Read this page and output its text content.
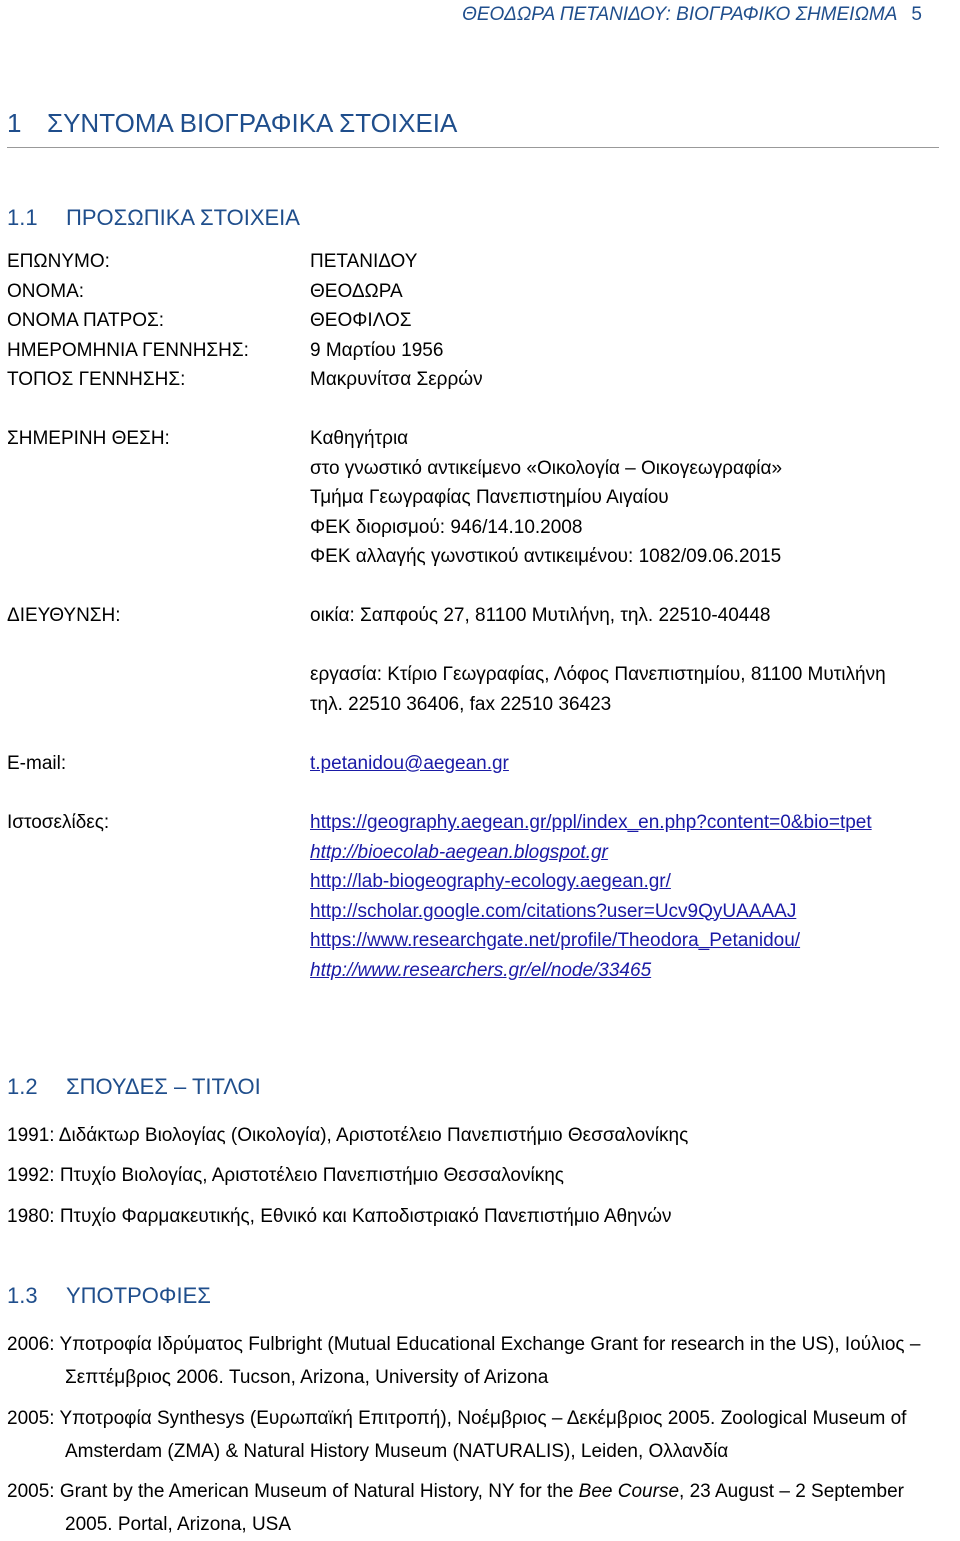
ΘΕΟΔΩΡΑ ΠΕΤΑΝΙΔΟΥ: ΒΙΟΓΡΑΦΙΚΟ ΣΗΜΕΙΩΜΑ 5
1 ΣΥΝΤΟΜΑ ΒΙΟΓΡΑΦΙΚΑ ΣΤΟΙΧΕΙΑ
1.1 ΠΡΟΣΩΠΙΚΑ ΣΤΟΙΧΕΙΑ
ΕΠΩΝΥΜΟ:
ΟΝΟΜΑ:
ΟΝΟΜΑ ΠΑΤΡΟΣ:
ΗΜΕΡΟΜΗΝΙΑ ΓΕΝΝΗΣΗΣ:
ΤΟΠΟΣ ΓΕΝΝΗΣΗΣ:
ΣΗΜΕΡΙΝΗ ΘΕΣΗ:
ΔΙΕΥΘΥΝΣΗ:
E-mail:
Ιστοσελίδες:
ΠΕΤΑΝΙΔΟΥ
ΘΕΟΔΩΡΑ
ΘΕΟΦΙΛΟΣ
9 Μαρτίου 1956
Μακρυνίτσα Σερρών
Καθηγήτρια
στο γνωστικό αντικείμενο «Οικολογία – Οικογεωγραφία»
Τμήμα Γεωγραφίας Πανεπιστημίου Αιγαίου
ΦΕΚ διορισμού: 946/14.10.2008
ΦΕΚ αλλαγής γωνστικού αντικειμένου: 1082/09.06.2015
οικία: Σαπφούς 27, 81100 Μυτιλήνη, τηλ. 22510-40448
εργασία: Κτίριο Γεωγραφίας, Λόφος Πανεπιστημίου, 81100 Μυτιλήνη
τηλ. 22510 36406, fax 22510 36423
t.petanidou@aegean.gr
https://geography.aegean.gr/ppl/index_en.php?content=0&bio=tpet
http://bioecolab-aegean.blogspot.gr
http://lab-biogeography-ecology.aegean.gr/
http://scholar.google.com/citations?user=Ucv9QyUAAAAJ
https://www.researchgate.net/profile/Theodora_Petanidou/
http://www.researchers.gr/el/node/33465
1.2 ΣΠΟΥΔΕΣ – ΤΙΤΛΟΙ
1991: Διδάκτωρ Βιολογίας (Οικολογία), Αριστοτέλειο Πανεπιστήμιο Θεσσαλονίκης
1992: Πτυχίο Βιολογίας, Αριστοτέλειο Πανεπιστήμιο Θεσσαλονίκης
1980: Πτυχίο Φαρμακευτικής, Εθνικό και Καποδιστριακό Πανεπιστήμιο Αθηνών
1.3 ΥΠΟΤΡΟΦΙΕΣ
2006: Υποτροφία Ιδρύματος Fulbright (Mutual Educational Exchange Grant for research in the US), Ιούλιος –
Σεπτέμβριος 2006. Tucson, Arizona, University of Arizona
2005: Υποτροφία Synthesys (Ευρωπαϊκή Επιτροπή), Νοέμβριος – Δεκέμβριος 2005. Zoological Museum of
Amsterdam (ZMA) & Natural History Museum (NATURALIS), Leiden, Ολλανδία
2005: Grant by the American Museum of Natural History, NY for the Bee Course, 23 August – 2 September
2005. Portal, Arizona, USA
